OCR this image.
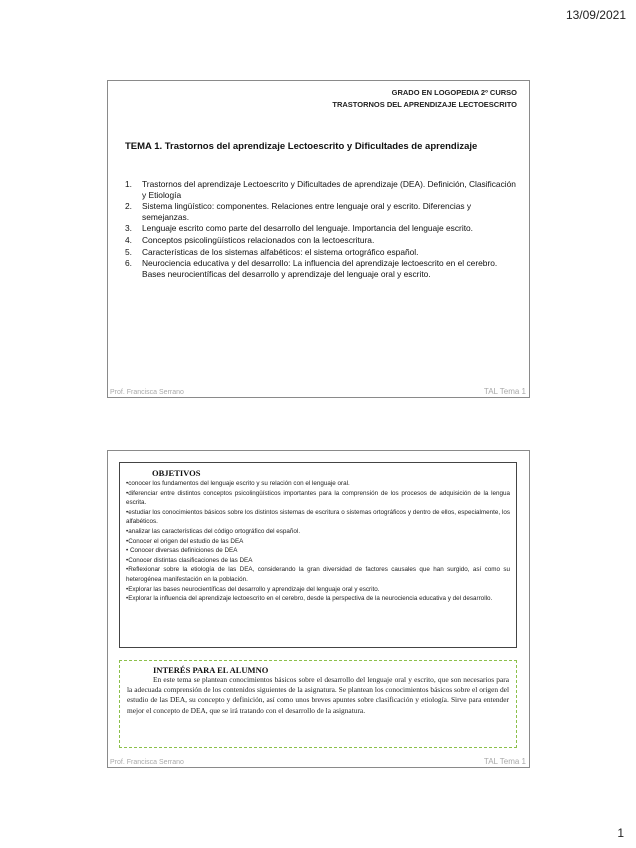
13/09/2021
GRADO EN LOGOPEDIA 2º CURSO
TRASTORNOS DEL APRENDIZAJE LECTOESCRITO
TEMA 1. Trastornos del aprendizaje Lectoescrito y Dificultades de aprendizaje
1. Trastornos del aprendizaje Lectoescrito y Dificultades de aprendizaje (DEA). Definición, Clasificación y Etiología
2. Sistema lingüístico: componentes. Relaciones entre lenguaje oral y escrito. Diferencias y semejanzas.
3. Lenguaje escrito como parte del desarrollo del lenguaje. Importancia del lenguaje escrito.
4. Conceptos psicolingüísticos relacionados con la lectoescritura.
5. Características de los sistemas alfabéticos: el sistema ortográfico español.
6. Neurociencia educativa y del desarrollo: La influencia del aprendizaje lectoescrito en el cerebro. Bases neurocientíficas del desarrollo y aprendizaje del lenguaje oral y escrito.
Prof. Francisca Serrano	TAL Tema 1
OBJETIVOS
•conocer los fundamentos del lenguaje escrito y su relación con el lenguaje oral.
•diferenciar entre distintos conceptos psicolingüísticos importantes para la comprensión de los procesos de adquisición de la lengua escrita.
•estudiar los conocimientos básicos sobre los distintos sistemas de escritura o sistemas ortográficos y dentro de ellos, especialmente, los alfabéticos.
•analizar las características del código ortográfico del español.
•Conocer el origen del estudio de las DEA
• Conocer diversas definiciones de DEA
•Conocer distintas clasificaciones de las DEA
•Reflexionar sobre la etiología de las DEA, considerando la gran diversidad de factores causales que han surgido, así como su heterogénea manifestación en la población.
•Explorar las bases neurocientíficas del desarrollo y aprendizaje del lenguaje oral y escrito.
•Explorar la influencia del aprendizaje lectoescrito en el cerebro, desde la perspectiva de la neurociencia educativa y del desarrollo.
INTERÉS PARA EL ALUMNO

En este tema se plantean conocimientos básicos sobre el desarrollo del lenguaje oral y escrito, que son necesarios para la adecuada comprensión de los contenidos siguientes de la asignatura. Se plantean los conocimientos básicos sobre el origen del estudio de las DEA, su concepto y definición, así como unos breves apuntes sobre clasificación y etiología. Sirve para entender mejor el concepto de DEA, que se irá tratando con el desarrollo de la asignatura.

Prof. Francisca Serrano	TAL Tema 1
1
